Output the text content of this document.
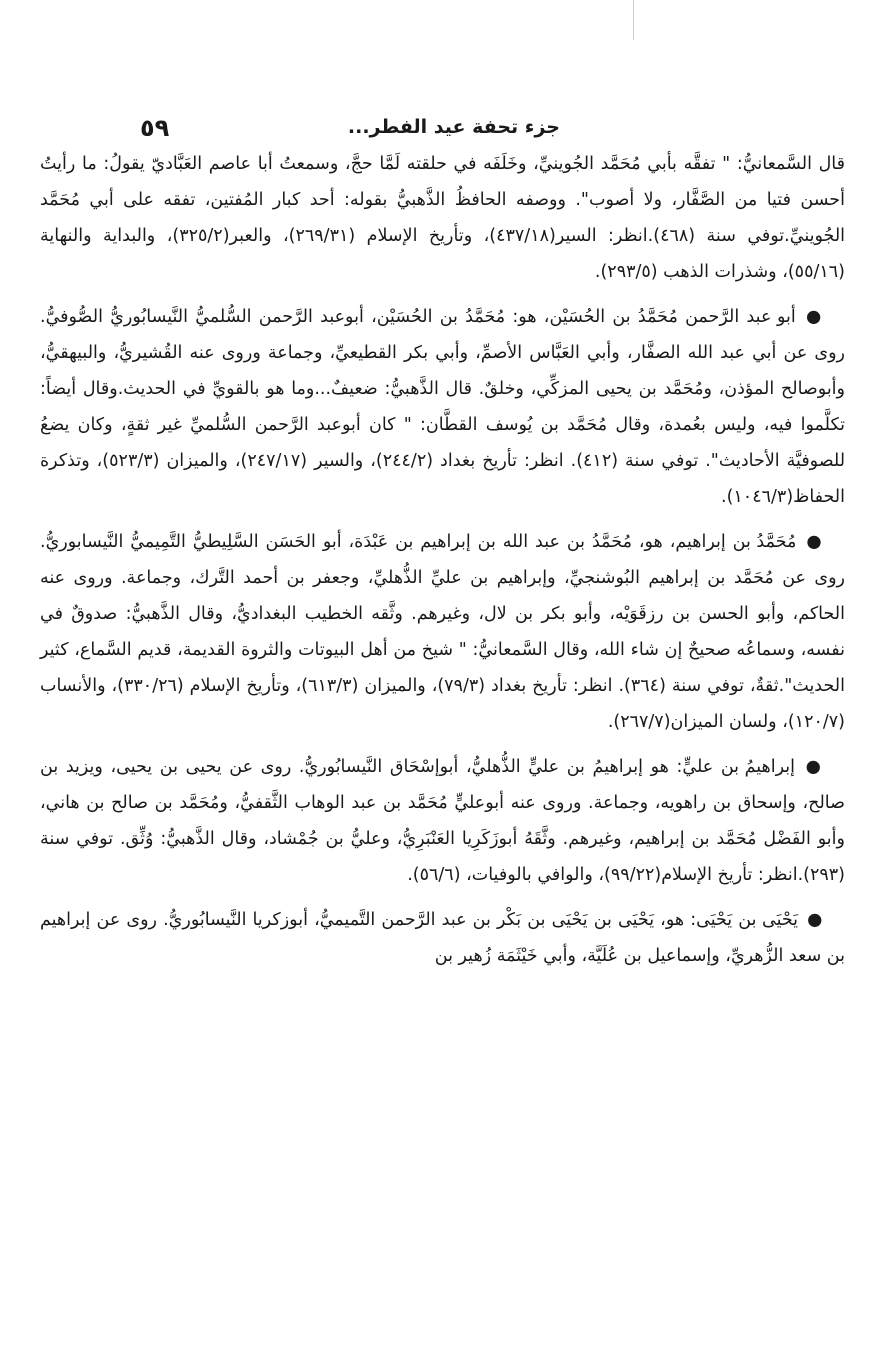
جزء تحفة عيد الفطر...
٥٩

قال السَّمعانيُّ: " تفقَّه بأبي مُحَمَّد الجُوينيِّ، وخَلَفَه في حلقته لَمَّا حجَّ، وسمعتُ أبا عاصم العَبَّاديّ يقولُ: ما رأيتُ أحسن فتيا من الصَّفَّار، ولا أصوب". ووصفه الحافظُ الذَّهبيُّ بقوله: أحد كبار المُفتين، تفقه على أبي مُحَمَّد الجُوينيِّ.توفي سنة (٤٦٨).انظر: السير(٤٣٧/١٨)، وتأريخ الإسلام (٢٦٩/٣١)، والعبر(٣٢٥/٢)، والبداية والنهاية (٥٥/١٦)، وشذرات الذهب (٢٩٣/٥).

● أبو عبد الرَّحمن مُحَمَّدُ بن الحُسَيْن، هو: مُحَمَّدُ بن الحُسَيْن، أبوعبد الرَّحمن السُّلميُّ النَّيسابُوريُّ الصُّوفيُّ. روى عن أبي عبد الله الصفَّار، وأبي العَبَّاس الأصمِّ، وأبي بكر القطيعيِّ، وجماعة وروى عنه القُشيريُّ، والبيهقيُّ، وأبوصالح المؤذن، ومُحَمَّد بن يحيى المزكِّي، وخلقٌ. قال الذَّهبيُّ: ضعيفٌ...وما هو بالقويِّ في الحديث.وقال أيضاً: تكلَّموا فيه، وليس بعُمدة، وقال مُحَمَّد بن يُوسف القطَّان: " كان أبوعبد الرَّحمن السُّلميِّ غير ثقةٍ، وكان يضعُ للصوفيَّة الأحاديث". توفي سنة (٤١٢). انظر: تأريخ بغداد (٢٤٤/٢)، والسير (٢٤٧/١٧)، والميزان (٥٢٣/٣)، وتذكرة الحفاظ(١٠٤٦/٣).

● مُحَمَّدُ بن إبراهيم، هو، مُحَمَّدُ بن عبد الله بن إبراهيم بن عَبْدَة، أبو الحَسَن السَّلِيطيُّ التَّمِيميُّ النَّيسابوريُّ. روى عن مُحَمَّد بن إبراهيم البُوشنجيِّ، وإبراهيم بن عليِّ الذُّهليِّ، وجعفر بن أحمد التَّرك، وجماعة. وروى عنه الحاكم، وأبو الحسن بن رزقَوَيْه، وأبو بكر بن لال، وغيرهم. وثَّقه الخطيب البغداديُّ، وقال الذَّهبيُّ: صدوقٌ في نفسه، وسماعُه صحيحٌ إن شاء الله، وقال السَّمعانيُّ: " شيخ من أهل البيوتات والثروة القديمة، قديم السَّماع، كثير الحديث".ثقةٌ، توفي سنة (٣٦٤). انظر: تأريخ بغداد (٧٩/٣)، والميزان (٦١٣/٣)، وتأريخ الإسلام (٣٣٠/٢٦)، والأنساب (١٢٠/٧)، ولسان الميزان(٢٦٧/٧).

● إبراهيمُ بن عليٍّ: هو إبراهيمُ بن عليٍّ الذُّهليُّ، أبوإسْحَاق النَّيسابُوريُّ. روى عن يحيى بن يحيى، ويزيد بن صالح، وإسحاق بن راهويه، وجماعة. وروى عنه أبوعليٍّ مُحَمَّد بن عبد الوهاب الثَّقفيُّ، ومُحَمَّد بن صالح بن هاني، وأبو الفَضْل مُحَمَّد بن إبراهيم، وغيرهم. وثَّقَهُ أبوزَكَرِيا العَنْبَرِيُّ، وعليُّ بن جُمْشاد، وقال الذَّهبيُّ: وُثِّق. توفي سنة (٢٩٣).انظر: تأريخ الإسلام(٩٩/٢٢)، والوافي بالوفيات، (٥٦/٦).

● يَحْيَى بن يَحْيَى: هو، يَحْيَى بن يَحْيَى بن بَكْر بن عبد الرَّحمن التَّميميُّ، أبوزكريا النَّيسابُوريُّ. روى عن إبراهيم بن سعد الزُّهريِّ، وإسماعيل بن عُلَيَّة، وأبي خَيْثَمَة زُهير بن
